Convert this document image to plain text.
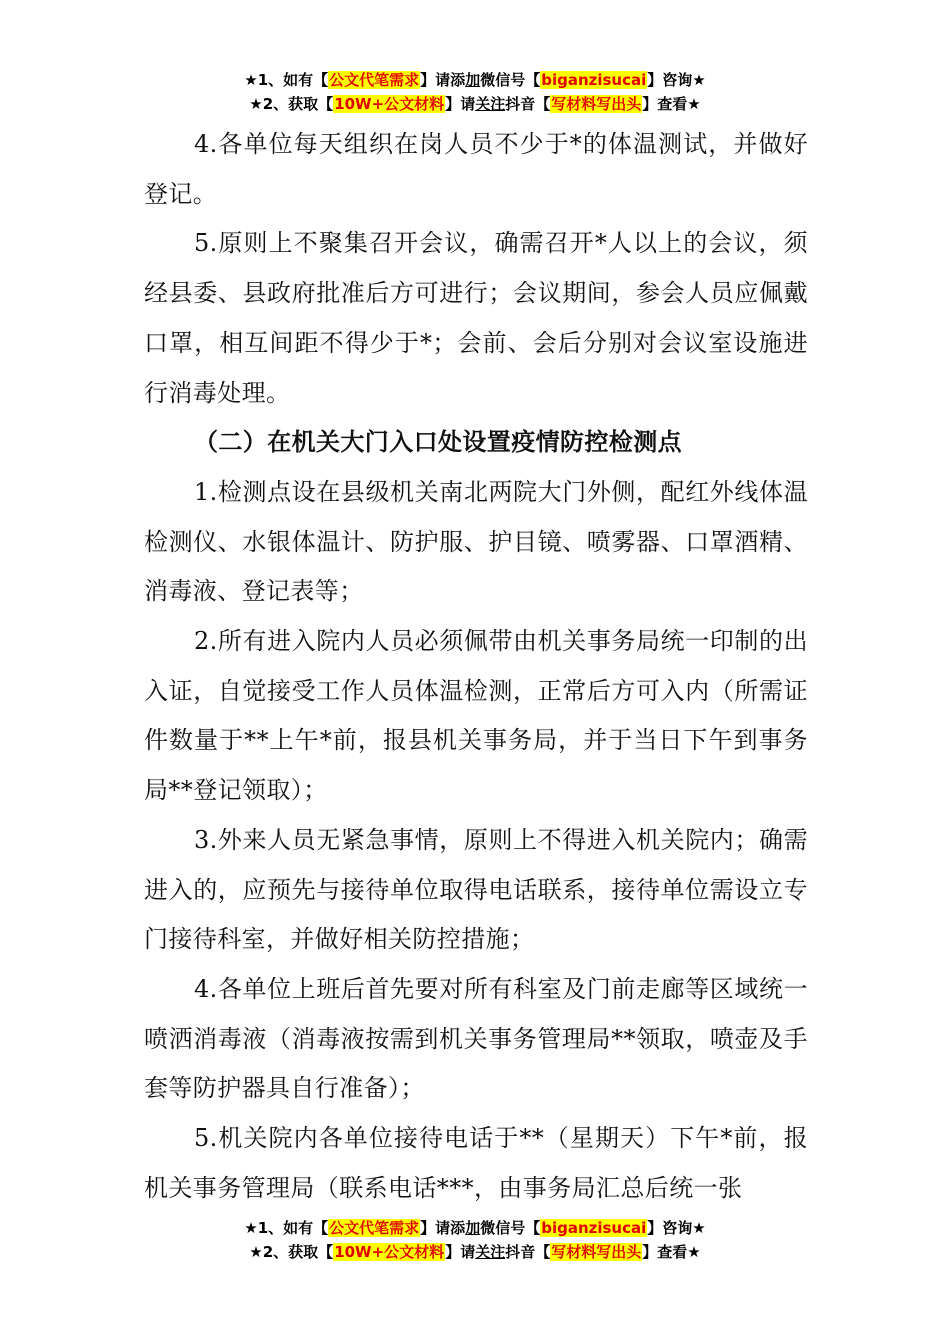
★1、如有【公文代笔需求】请添加微信号【biganzisucai】咨询★
★2、获取【10W+公文材料】请关注抖音【写材料写出头】查看★

4.各单位每天组织在岗人员不少于*的体温测试，并做好登记。

5.原则上不聚集召开会议，确需召开*人以上的会议，须经县委、县政府批准后方可进行；会议期间，参会人员应佩戴口罩，相互间距不得少于*；会前、会后分别对会议室设施进行消毒处理。

（二）在机关大门入口处设置疫情防控检测点

1.检测点设在县级机关南北两院大门外侧，配红外线体温检测仪、水银体温计、防护服、护目镜、喷雾器、口罩酒精、消毒液、登记表等；

2.所有进入院内人员必须佩带由机关事务局统一印制的出入证，自觉接受工作人员体温检测，正常后方可入内（所需证件数量于**上午*前，报县机关事务局，并于当日下午到事务局**登记领取）；

3.外来人员无紧急事情，原则上不得进入机关院内；确需进入的，应预先与接待单位取得电话联系，接待单位需设立专门接待科室，并做好相关防控措施；

4.各单位上班后首先要对所有科室及门前走廊等区域统一喷洒消毒液（消毒液按需到机关事务管理局**领取，喷壶及手套等防护器具自行准备）；

5.机关院内各单位接待电话于**（星期天）下午*前，报机关事务管理局（联系电话***，由事务局汇总后统一张

★1、如有【公文代笔需求】请添加微信号【biganzisucai】咨询★
★2、获取【10W+公文材料】请关注抖音【写材料写出头】查看★
